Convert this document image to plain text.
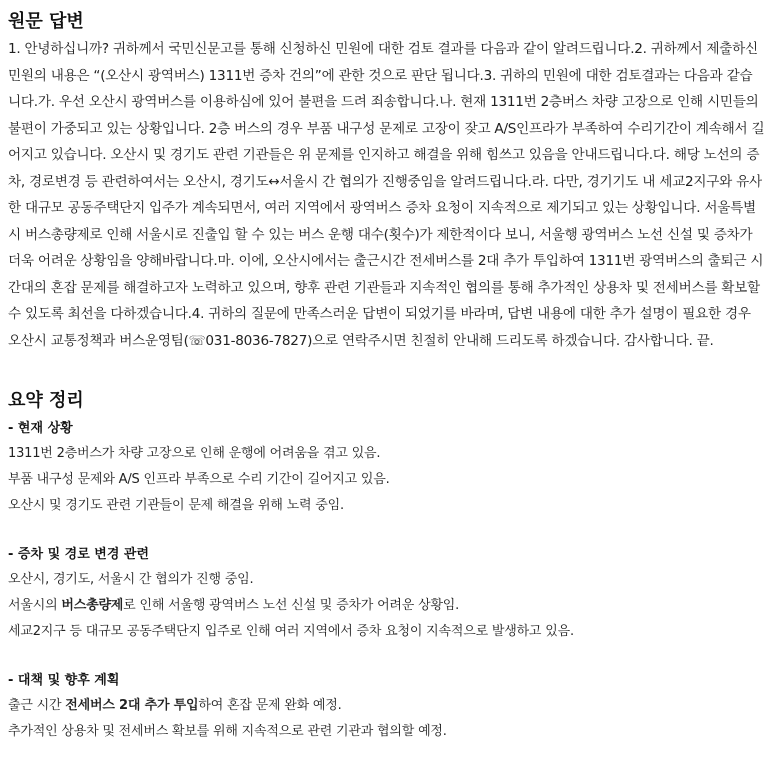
원문 답변

1. 안녕하십니까? 귀하께서 국민신문고를 통해 신청하신 민원에 대한 검토 결과를 다음과 같이 알려드립니다.2. 귀하께서 제출하신 민원의 내용은 “(오산시 광역버스) 1311번 증차 건의”에 관한 것으로 판단 됩니다.3. 귀하의 민원에 대한 검토결과는 다음과 같습니다.가. 우선 오산시 광역버스를 이용하심에 있어 불편을 드려 죄송합니다.나. 현재 1311번 2층버스 차량 고장으로 인해 시민들의 불편이 가중되고 있는 상황입니다. 2층 버스의 경우 부품 내구성 문제로 고장이 잦고 A/S인프라가 부족하여 수리기간이 계속해서 길어지고 있습니다. 오산시 및 경기도 관련 기관들은 위 문제를 인지하고 해결을 위해 힘쓰고 있음을 안내드립니다.다. 해당 노선의 증차, 경로변경 등 관련하여서는 오산시, 경기도↔서울시 간 협의가 진행중임을 알려드립니다.라. 다만, 경기기도 내 세교2지구와 유사한 대규모 공동주택단지 입주가 계속되면서, 여러 지역에서 광역버스 증차 요청이 지속적으로 제기되고 있는 상황입니다. 서울특별시 버스총량제로 인해 서울시로 진출입 할 수 있는 버스 운행 대수(횟수)가 제한적이다 보니, 서울행 광역버스 노선 신설 및 증차가 더욱 어려운 상황임을 양해바랍니다.마. 이에, 오산시에서는 출근시간 전세버스를 2대 추가 투입하여 1311번 광역버스의 출퇴근 시간대의 혼잡 문제를 해결하고자 노력하고 있으며, 향후 관련 기관들과 지속적인 협의를 통해 추가적인 상용차 및 전세버스를 확보할 수 있도록 최선을 다하겠습니다.4. 귀하의 질문에 만족스러운 답변이 되었기를 바라며, 답변 내용에 대한 추가 설명이 필요한 경우 오산시 교통정책과 버스운영팀(☏031-8036-7827)으로 연락주시면 친절히 안내해 드리도록 하겠습니다. 감사합니다. 끝.

요약 정리

- 현재 상황

1311번 2층버스가 차량 고장으로 인해 운행에 어려움을 겪고 있음.

부품 내구성 문제와 A/S 인프라 부족으로 수리 기간이 길어지고 있음.

오산시 및 경기도 관련 기관들이 문제 해결을 위해 노력 중임.

- 증차 및 경로 변경 관련

오산시, 경기도, 서울시 간 협의가 진행 중임.

서울시의 버스총량제로 인해 서울행 광역버스 노선 신설 및 증차가 어려운 상황임.

세교2지구 등 대규모 공동주택단지 입주로 인해 여러 지역에서 증차 요청이 지속적으로 발생하고 있음.

- 대책 및 향후 계획

출근 시간 전세버스 2대 추가 투입하여 혼잡 문제 완화 예정.

추가적인 상용차 및 전세버스 확보를 위해 지속적으로 관련 기관과 협의할 예정.
